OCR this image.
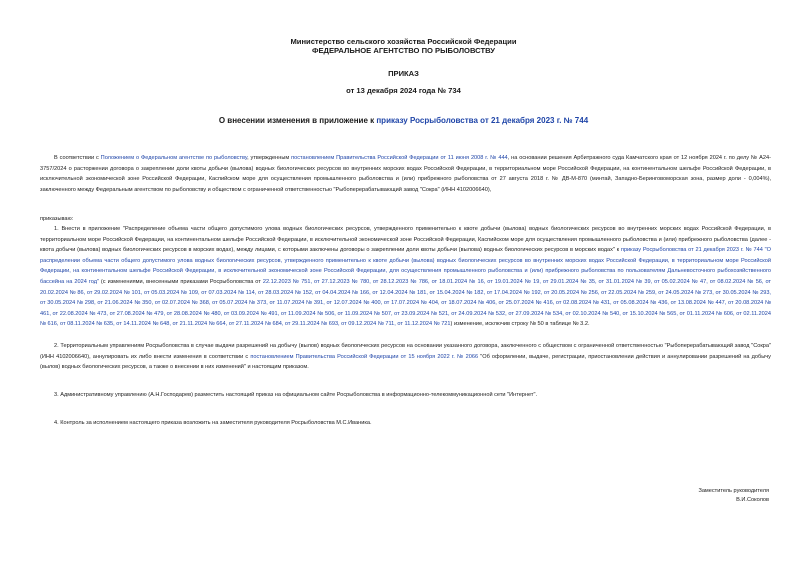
Министерство сельского хозяйства Российской Федерации
ФЕДЕРАЛЬНОЕ АГЕНТСТВО ПО РЫБОЛОВСТВУ
ПРИКАЗ
от 13 декабря 2024 года № 734
О внесении изменения в приложение к приказу Росрыболовства от 21 декабря 2023 г. № 744
В соответствии с Положением о Федеральном агентстве по рыболовству, утвержденным постановлением Правительства Российской Федерации от 11 июня 2008 г. № 444, на основании решения Арбитражного суда Камчатского края от 12 ноября 2024 г. по делу № А24-3757/2024 о расторжении договора о закреплении доли квоты добычи (вылова) водных биологических ресурсов во внутренних морских водах Российской Федерации, в территориальном море Российской Федерации, на континентальном шельфе Российской Федерации, в исключительной экономической зоне Российской Федерации, Каспийском море для осуществления промышленного рыболовства и (или) прибрежного рыболовства от 27 августа 2018 г. № ДВ-М-870 (минтай, Западно-Беринговоморская зона, размер доли - 0,004%), заключенного между Федеральным агентством по рыболовству и обществом с ограниченной ответственностью "Рыбоперерабатывающий завод "Сокра" (ИНН 4102006640),
приказываю:
1. Внести в приложение "Распределение объема части общего допустимого улова водных биологических ресурсов, утвержденного применительно к квоте добычи (вылова) водных биологических ресурсов во внутренних морских водах Российской Федерации, в территориальном море Российской Федерации, на континентальном шельфе Российской Федерации, в исключительной экономической зоне Российской Федерации, Каспийском море для осуществления промышленного рыболовства и (или) прибрежного рыболовства (далее - квота добычи (вылова) водных биологических ресурсов в морских водах), между лицами, с которыми заключены договоры о закреплении доли квоты добычи (вылова) водных биологических ресурсов в морских водах" к приказу Росрыболовства от 21 декабря 2023 г. № 744 "О распределении объема части общего допустимого улова водных биологических ресурсов, утвержденного применительно к квоте добычи (вылова) водных биологических ресурсов во внутренних морских водах Российской Федерации, в территориальном море Российской Федерации, на континентальном шельфе Российской Федерации, в исключительной экономической зоне Российской Федерации, для осуществления промышленного рыболовства и (или) прибрежного рыболовства по пользователям Дальневосточного рыбохозяйственного бассейна на 2024 год" (с изменениями, внесенными приказами Росрыболовства от 22.12.2023 № 751, от 27.12.2023 № 780, от 28.12.2023 № 786, от 18.01.2024 № 16, от 19.01.2024 № 19, от 29.01.2024 № 35, от 31.01.2024 № 39, от 05.02.2024 № 47, от 08.02.2024 № 56, от 20.02.2024 № 86, от 29.02.2024 № 101, от 05.03.2024 № 109, от 07.03.2024 № 114, от 28.03.2024 № 152, от 04.04.2024 № 166, от 12.04.2024 № 181, от 15.04.2024 № 182, от 17.04.2024 № 192, от 20.05.2024 № 256, от 22.05.2024 № 259, от 24.05.2024 № 273, от 30.05.2024 № 293, от 30.05.2024 № 298, от 21.06.2024 № 350, от 02.07.2024 № 368, от 05.07.2024 № 373, от 11.07.2024 № 391, от 12.07.2024 № 400, от 17.07.2024 № 404, от 18.07.2024 № 406, от 25.07.2024 № 416, от 02.08.2024 № 431, от 05.08.2024 № 436, от 13.08.2024 № 447, от 20.08.2024 № 461, от 22.08.2024 № 473, от 27.08.2024 № 479, от 28.08.2024 № 480, от 03.09.2024 № 491, от 11.09.2024 № 506, от 11.09.2024 № 507, от 23.09.2024 № 521, от 24.09.2024 № 532, от 27.09.2024 № 534, от 02.10.2024 № 540, от 15.10.2024 № 565, от 01.11.2024 № 606, от 02.11.2024 № 616, от 08.11.2024 № 635, от 14.11.2024 № 648, от 21.11.2024 № 664, от 27.11.2024 № 684, от 29.11.2024 № 693, от 09.12.2024 № 711, от 11.12.2024 № 721) изменение, исключив строку № 50 в таблице № 3.2.
2. Территориальным управлениям Росрыболовства в случае выдачи разрешений на добычу (вылов) водных биологических ресурсов на основании указанного договора, заключенного с обществом с ограниченной ответственностью "Рыбоперерабатывающий завод "Сокра" (ИНН 4102006640), аннулировать их либо внести изменения в соответствии с постановлением Правительства Российской Федерации от 15 ноября 2022 г. № 2066 "Об оформлении, выдаче, регистрации, приостановлении действия и аннулировании разрешений на добычу (вылов) водных биологических ресурсов, а также о внесении в них изменений" и настоящим приказом.
3. Административному управлению (А.Н.Господарев) разместить настоящий приказ на официальном сайте Росрыболовства в информационно-телекоммуникационной сети "Интернет".
4. Контроль за исполнением настоящего приказа возложить на заместителя руководителя Росрыболовства М.С.Иваника.
Заместитель руководителя
В.И.Соколов
